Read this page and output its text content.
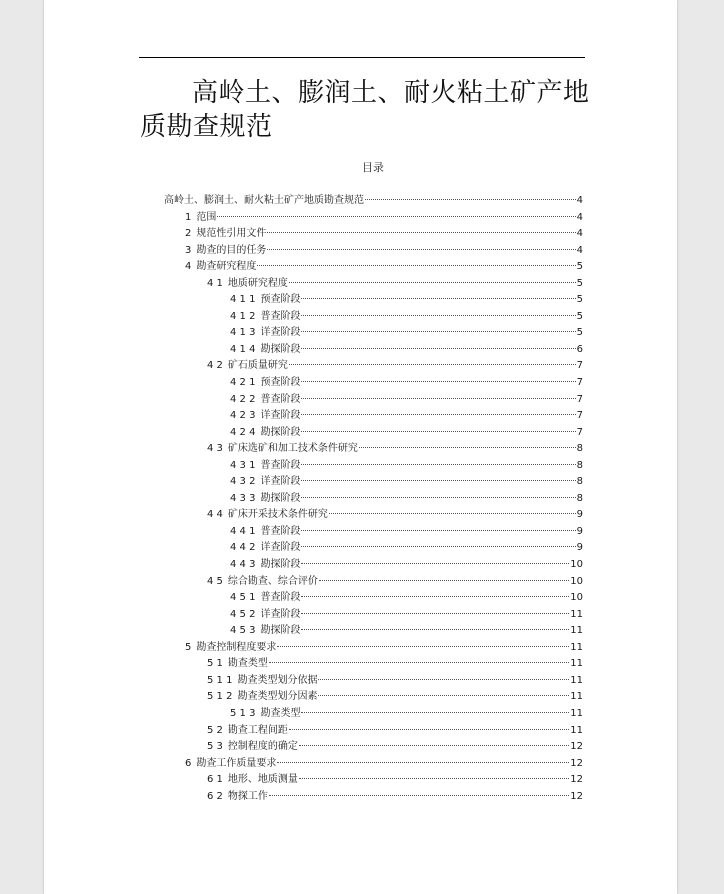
高岭土、膨润土、耐火粘土矿产地质勘查规范
目录
高岭土、膨润土、耐火粘土矿产地质勘查规范	4
1 范围	4
2 规范性引用文件	4
3 勘查的目的任务	4
4 勘查研究程度	5
4 1 地质研究程度	5
4 1 1 预查阶段	5
4 1 2 普查阶段	5
4 1 3 详查阶段	5
4 1 4 勘探阶段	6
4 2 矿石质量研究	7
4 2 1 预查阶段	7
4 2 2 普查阶段	7
4 2 3 详查阶段	7
4 2 4 勘探阶段	7
4 3 矿床选矿和加工技术条件研究	8
4 3 1 普查阶段	8
4 3 2 详查阶段	8
4 3 3 勘探阶段	8
4 4 矿床开采技术条件研究	9
4 4 1 普查阶段	9
4 4 2 详查阶段	9
4 4 3 勘探阶段	10
4 5 综合勘查、综合评价	10
4 5 1 普查阶段	10
4 5 2 详查阶段	11
4 5 3 勘探阶段	11
5 勘查控制程度要求	11
5 1 勘查类型	11
5 1 1 勘查类型划分依据	11
5 1 2 勘查类型划分因素	11
5 1 3 勘查类型	11
5 2 勘查工程间距	11
5 3 控制程度的确定	12
6 勘查工作质量要求	12
6 1 地形、地质测量	12
6 2 物探工作	12
